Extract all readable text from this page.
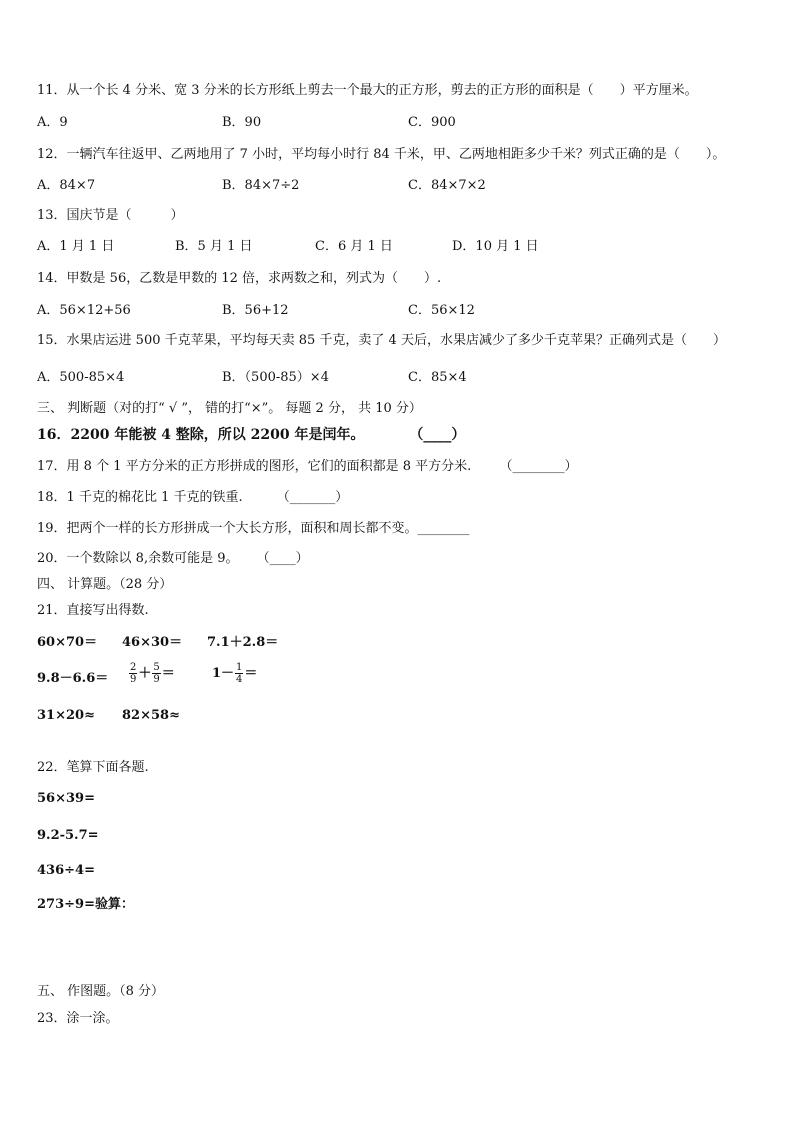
11．从一个长 4 分米、宽 3 分米的长方形纸上剪去一个最大的正方形，剪去的正方形的面积是（　　）平方厘米。
A．9	B．90	C．900
12．一辆汽车往返甲、乙两地用了 7 小时，平均每小时行 84 千米，甲、乙两地相距多少千米？列式正确的是（　　）。
A．84×7	B．84×7÷2	C．84×7×2
13．国庆节是（　　　）
A．1 月 1 日	B．5 月 1 日	C．6 月 1 日	D．10 月 1 日
14．甲数是 56，乙数是甲数的 12 倍，求两数之和，列式为（　　）.
A．56×12+56	B．56+12	C．56×12
15．水果店运进 500 千克苹果，平均每天卖 85 千克，卖了 4 天后，水果店减少了多少千克苹果？正确列式是（　　）
A．500-85×4	B．（500-85）×4	C．85×4
三、 判断题（对的打“ √ ”， 错的打“×”。 每题 2 分， 共 10 分）
16．2200 年能被 4 整除，所以 2200 年是闰年。	（____）
17．用 8 个 1 平方分米的正方形拼成的图形，它们的面积都是 8 平方分米. （________）
18．1 千克的棉花比 1 千克的铁重.	（_______）
19．把两个一样的长方形拼成一个大长方形，面积和周长都不变。________
20．一个数除以 8,余数可能是 9。 （____）
四、 计算题。（28 分）
21．直接写出得数.
60×70＝ 46×30＝ 7.1＋2.8＝
$9.8-6.6= \frac{2}{9} + \frac{5}{9}$ ＝	$1- \frac{1}{4}$ ＝
31×20≈ 82×58≈
22．笔算下面各题.
56×39=
9.2-5.7=
436÷4=
273÷9=验算：
五、 作图题。（8 分）
23．涂一涂。
